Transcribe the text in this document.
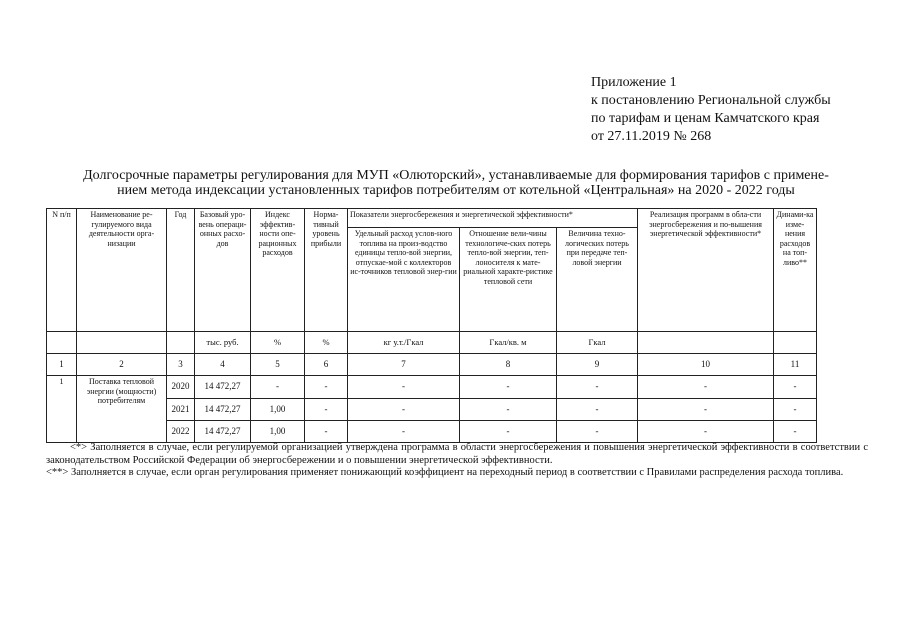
Приложение 1
к постановлению Региональной службы
по тарифам и ценам Камчатского края
от 27.11.2019 № 268
Долгосрочные параметры регулирования для МУП «Олюторский», устанавливаемые для формирования тарифов с примене-
нием метода индексации установленных тарифов потребителям от котельной «Центральная» на 2020 - 2022 годы
N п/п	Наименование ре-гулируемого вида деятельности орга-низации	Год	Базовый уро-вень операци-онных расхо-дов	Индекс эффектив-ности опе-рационных расходов	Норма-тивный уровень прибыли	Показатели энергосбережения и энергетической эффективности*			Реализация программ в обла-сти энергосбережения и по-вышения энергетической эффективности*	Динами-ка изме-нения расходов на топ-ливо**
						Удельный расход услов-ного топлива на произ-водство единицы тепло-вой энергии, отпускае-мой с коллекторов ис-точников тепловой энер-гии	Отношение вели-чины технологиче-ских потерь тепло-вой энергии, теп-лоносителя к мате-риальной характе-ристике тепловой сети	Величина техно-логических потерь при передаче теп-ловой энергии		
			тыс. руб.	%	%	кг у.т./Гкал	Гкал/кв. м	Гкал		
1	2	3	4	5	6	7	8	9	10	11
1	Поставка тепловой энергии (мощности) потребителям	2020	14 472,27	-	-	-	-	-	-	-
		2021	14 472,27	1,00	-	-	-	-	-	-
		2022	14 472,27	1,00	-	-	-	-	-	-

<*> Заполняется в случае, если регулируемой организацией утверждена программа в области энергосбережения и повышения энергетической эффективности в соответствии с законодательством Российской Федерации об энергосбережении и о повышении энергетической эффективности.

<**> Заполняется в случае, если орган регулирования применяет понижающий коэффициент на переходный период в соответствии с Правилами распределения расхода топлива.
